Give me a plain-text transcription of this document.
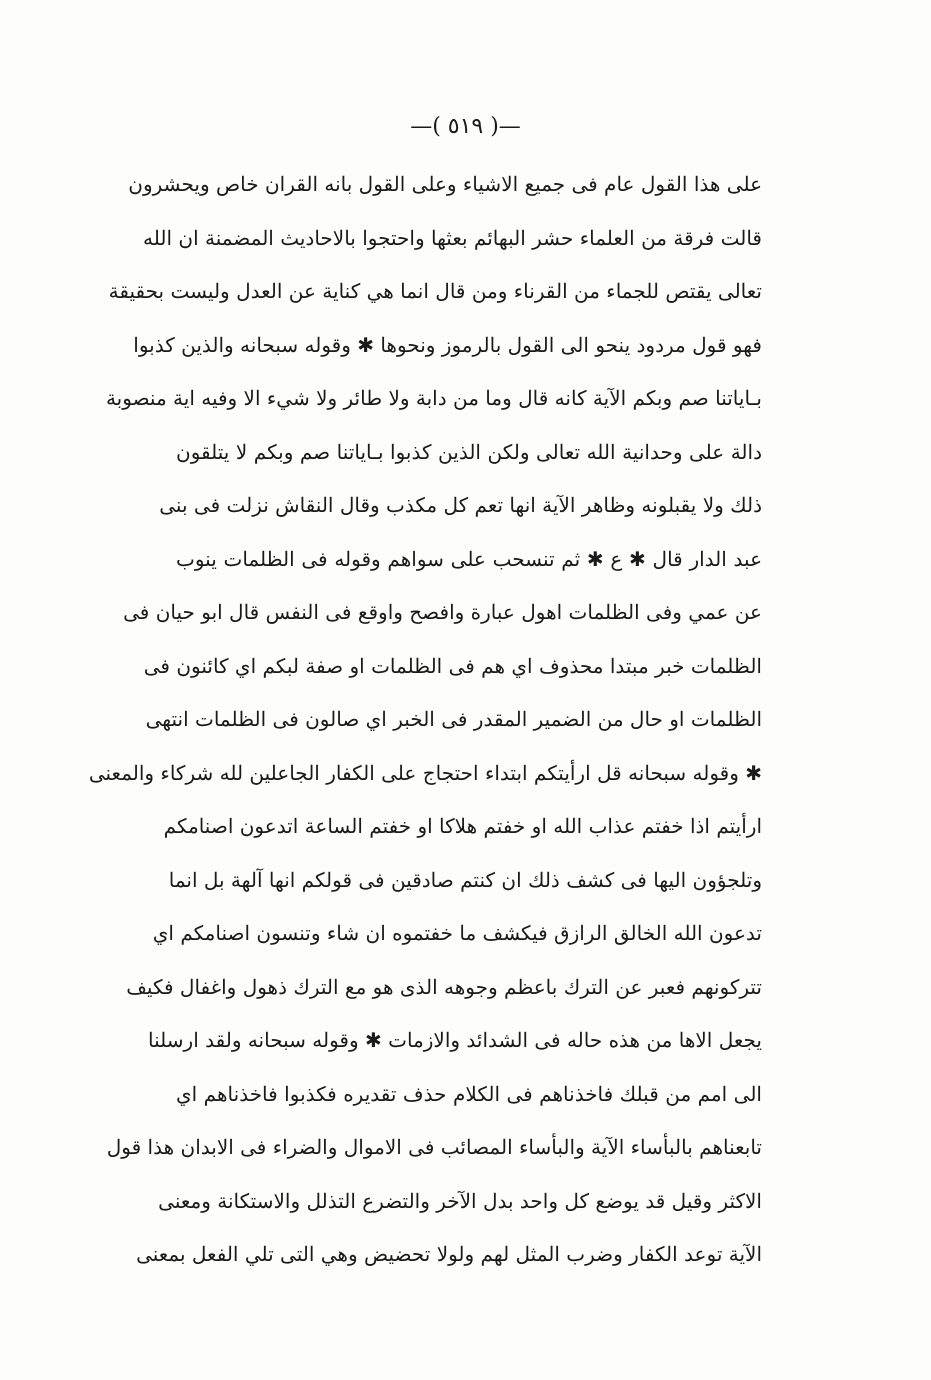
—( ٥١٩ )—
على هذا القول عام فى جميع الاشياء وعلى القول بانه القران خاص ويحشرون
قالت فرقة من العلماء حشر البهائم بعثها واحتجوا بالاحاديث المضمنة ان الله
تعالى يقتص للجماء من القرناء ومن قال انما هي كناية عن العدل وليست بحقيقة
فهو قول مردود ينحو الى القول بالرموز ونحوها ✱ وقوله سبحانه والذين كذبوا
بـاياتنا صم وبكم الآية كانه قال وما من دابة ولا طائر ولا شيء الا وفيه اية منصوبة
دالة على وحدانية الله تعالى ولكن الذين كذبوا بـاياتنا صم وبكم لا يتلقون
ذلك ولا يقبلونه وظاهر الآية انها تعم كل مكذب وقال النقاش نزلت فى بنى
عبد الدار قال ✱ ع ✱ ثم تنسحب على سواهم وقوله فى الظلمات ينوب
عن عمي وفى الظلمات اهول عبارة وافصح واوقع فى النفس قال ابو حيان فى
الظلمات خبر مبتدا محذوف اي هم فى الظلمات او صفة لبكم اي كائنون فى
الظلمات او حال من الضمير المقدر فى الخبر اي صالون فى الظلمات انتهى
✱ وقوله سبحانه قل ارأيتكم ابتداء احتجاج على الكفار الجاعلين لله شركاء والمعنى
ارأيتم اذا خفتم عذاب الله او خفتم هلاكا او خفتم الساعة اتدعون اصنامكم
وتلجؤون اليها فى كشف ذلك ان كنتم صادقين فى قولكم انها آلهة بل انما
تدعون الله الخالق الرازق فيكشف ما خفتموه ان شاء وتنسون اصنامكم اي
تتركونهم فعبر عن الترك باعظم وجوهه الذى هو مع الترك ذهول واغفال فكيف
يجعل الاها من هذه حاله فى الشدائد والازمات ✱ وقوله سبحانه ولقد ارسلنا
الى امم من قبلك فاخذناهم فى الكلام حذف تقديره فكذبوا فاخذناهم اي
تابعناهم بالبأساء الآية والبأساء المصائب فى الاموال والضراء فى الابدان هذا قول
الاكثر وقيل قد يوضع كل واحد بدل الآخر والتضرع التذلل والاستكانة ومعنى
الآية توعد الكفار وضرب المثل لهم ولولا تحضيض وهي التى تلي الفعل بمعنى
